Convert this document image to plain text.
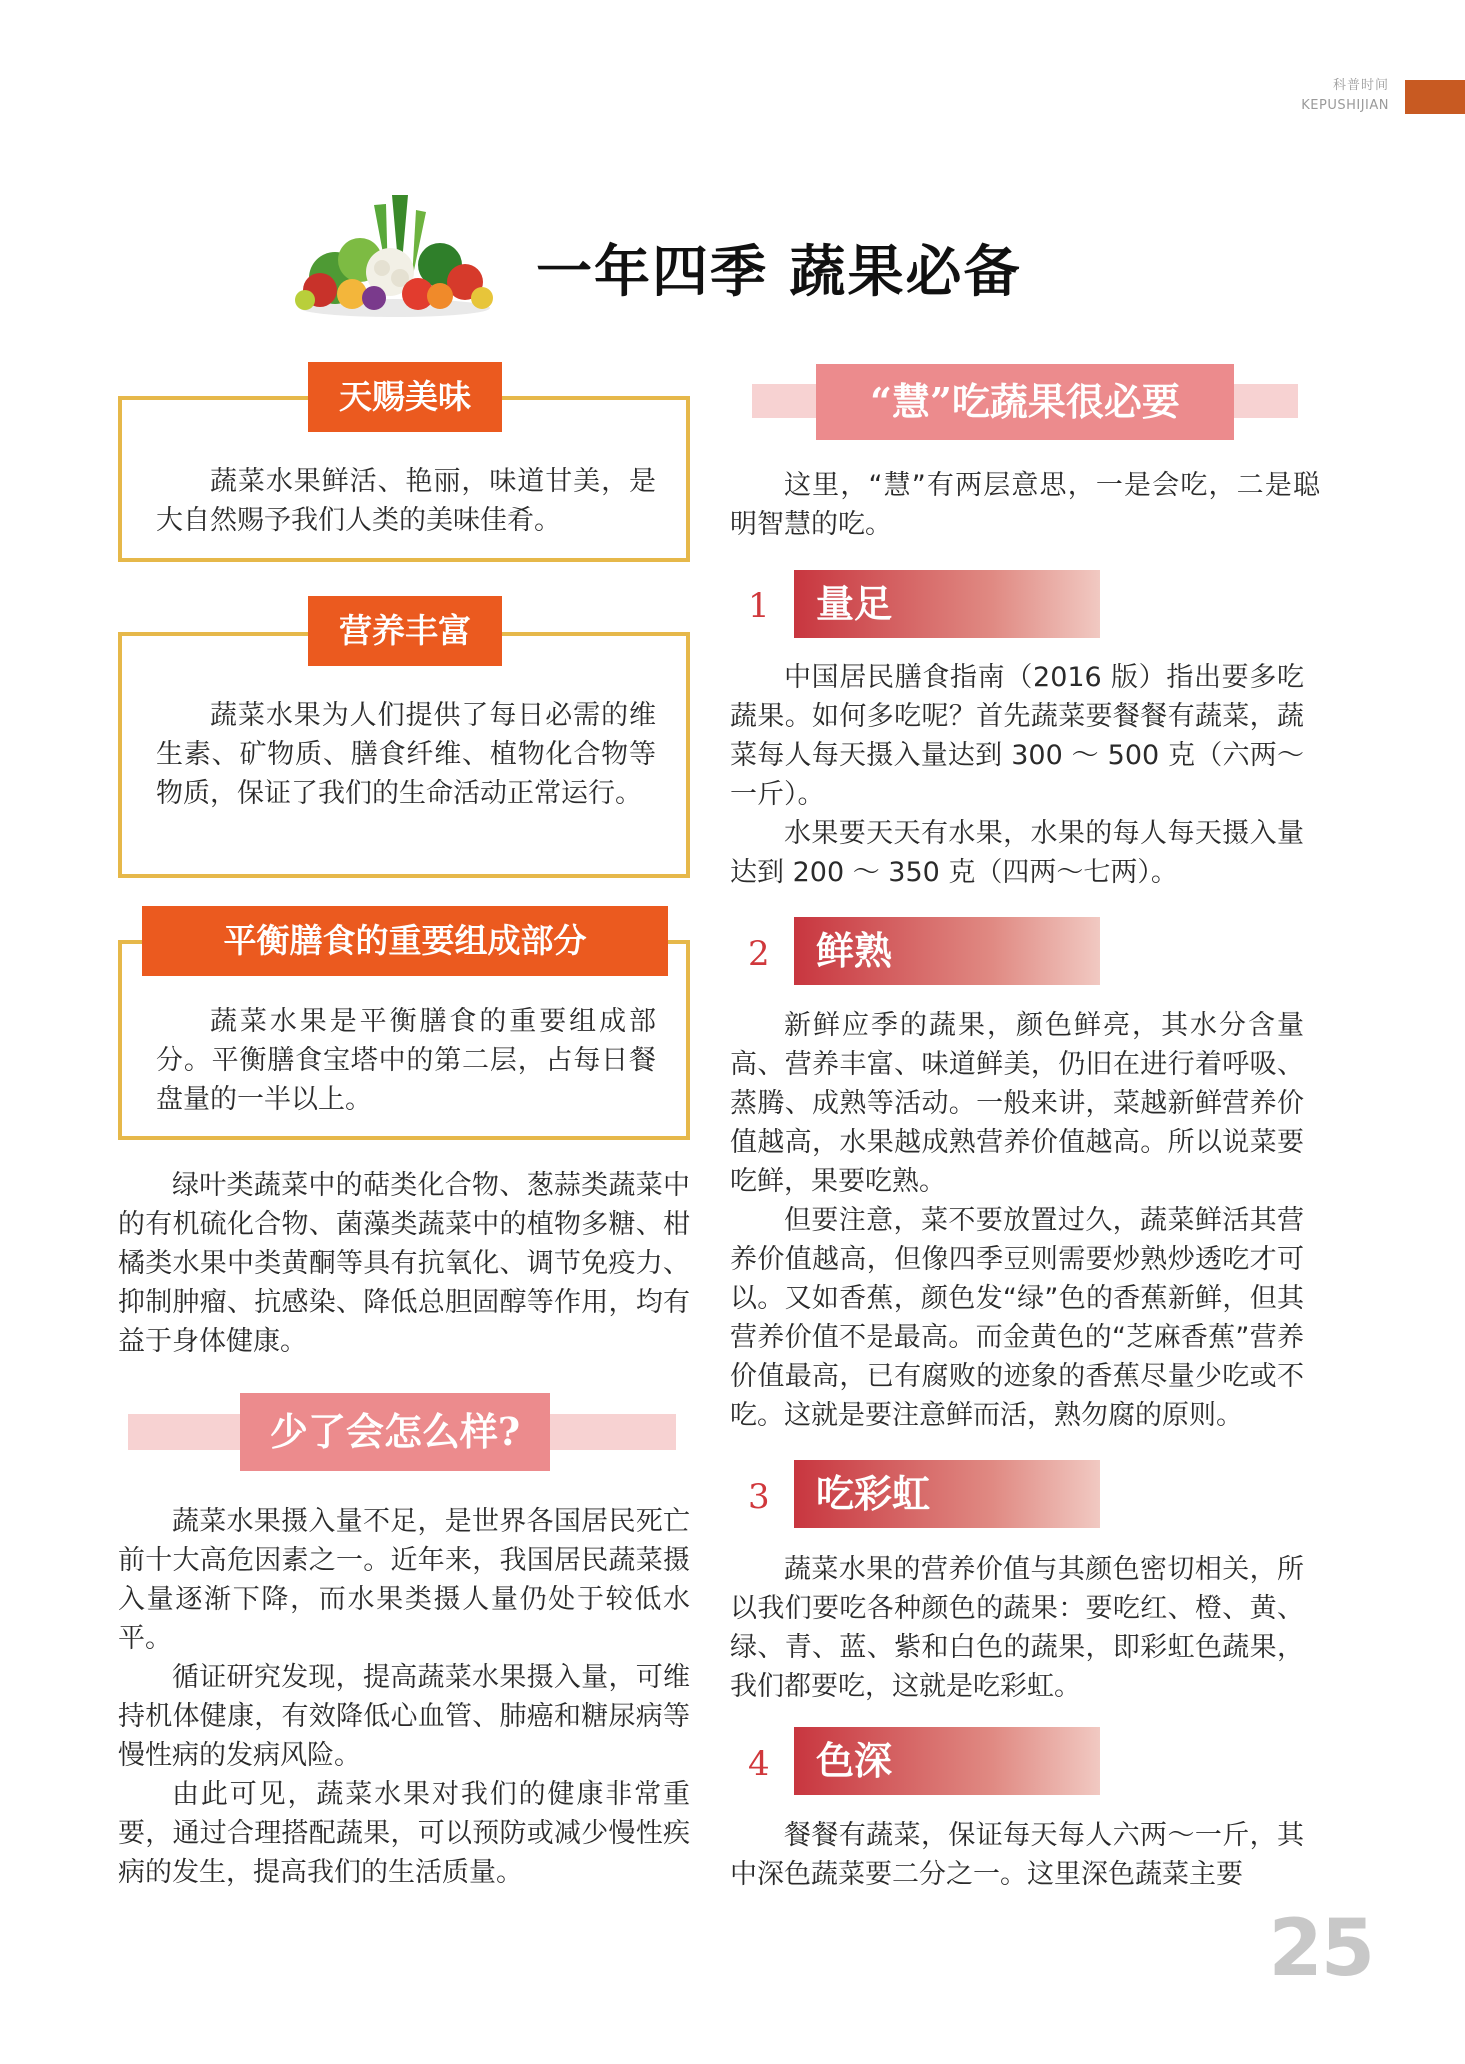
科普时间
KEPUSHIJIAN
一年四季 蔬果必备

蔬菜水果鲜活、艳丽，味道甘美，是大自然赐予我们人类的美味佳肴。

天赐美味

蔬菜水果为人们提供了每日必需的维生素、矿物质、膳食纤维、植物化合物等物质，保证了我们的生命活动正常运行。

营养丰富

蔬菜水果是平衡膳食的重要组成部分。平衡膳食宝塔中的第二层，占每日餐盘量的一半以上。

平衡膳食的重要组成部分

绿叶类蔬菜中的萜类化合物、葱蒜类蔬菜中的有机硫化合物、菌藻类蔬菜中的植物多糖、柑橘类水果中类黄酮等具有抗氧化、调节免疫力、抑制肿瘤、抗感染、降低总胆固醇等作用，均有益于身体健康。

少了会怎么样?

蔬菜水果摄入量不足，是世界各国居民死亡前十大高危因素之一。近年来，我国居民蔬菜摄入量逐渐下降，而水果类摄人量仍处于较低水平。

循证研究发现，提高蔬菜水果摄入量，可维持机体健康，有效降低心血管、肺癌和糖尿病等慢性病的发病风险。

由此可见，蔬菜水果对我们的健康非常重要，通过合理搭配蔬果，可以预防或减少慢性疾病的发生，提高我们的生活质量。

“慧”吃蔬果很必要

这里，“慧”有两层意思，一是会吃，二是聪明智慧的吃。

1	量足

中国居民膳食指南（2016 版）指出要多吃蔬果。如何多吃呢？首先蔬菜要餐餐有蔬菜，蔬菜每人每天摄入量达到 300 ～ 500 克（六两～一斤）。

水果要天天有水果，水果的每人每天摄入量达到 200 ～ 350 克（四两～七两）。

2	鲜熟

新鲜应季的蔬果，颜色鲜亮，其水分含量高、营养丰富、味道鲜美，仍旧在进行着呼吸、蒸腾、成熟等活动。一般来讲，菜越新鲜营养价值越高，水果越成熟营养价值越高。所以说菜要吃鲜，果要吃熟。

但要注意，菜不要放置过久，蔬菜鲜活其营养价值越高，但像四季豆则需要炒熟炒透吃才可以。又如香蕉，颜色发“绿”色的香蕉新鲜，但其营养价值不是最高。而金黄色的“芝麻香蕉”营养价值最高，已有腐败的迹象的香蕉尽量少吃或不吃。这就是要注意鲜而活，熟勿腐的原则。

3	吃彩虹

蔬菜水果的营养价值与其颜色密切相关，所以我们要吃各种颜色的蔬果：要吃红、橙、黄、绿、青、蓝、紫和白色的蔬果，即彩虹色蔬果，我们都要吃，这就是吃彩虹。

4	色深

餐餐有蔬菜，保证每天每人六两～一斤，其中深色蔬菜要二分之一。这里深色蔬菜主要

25
